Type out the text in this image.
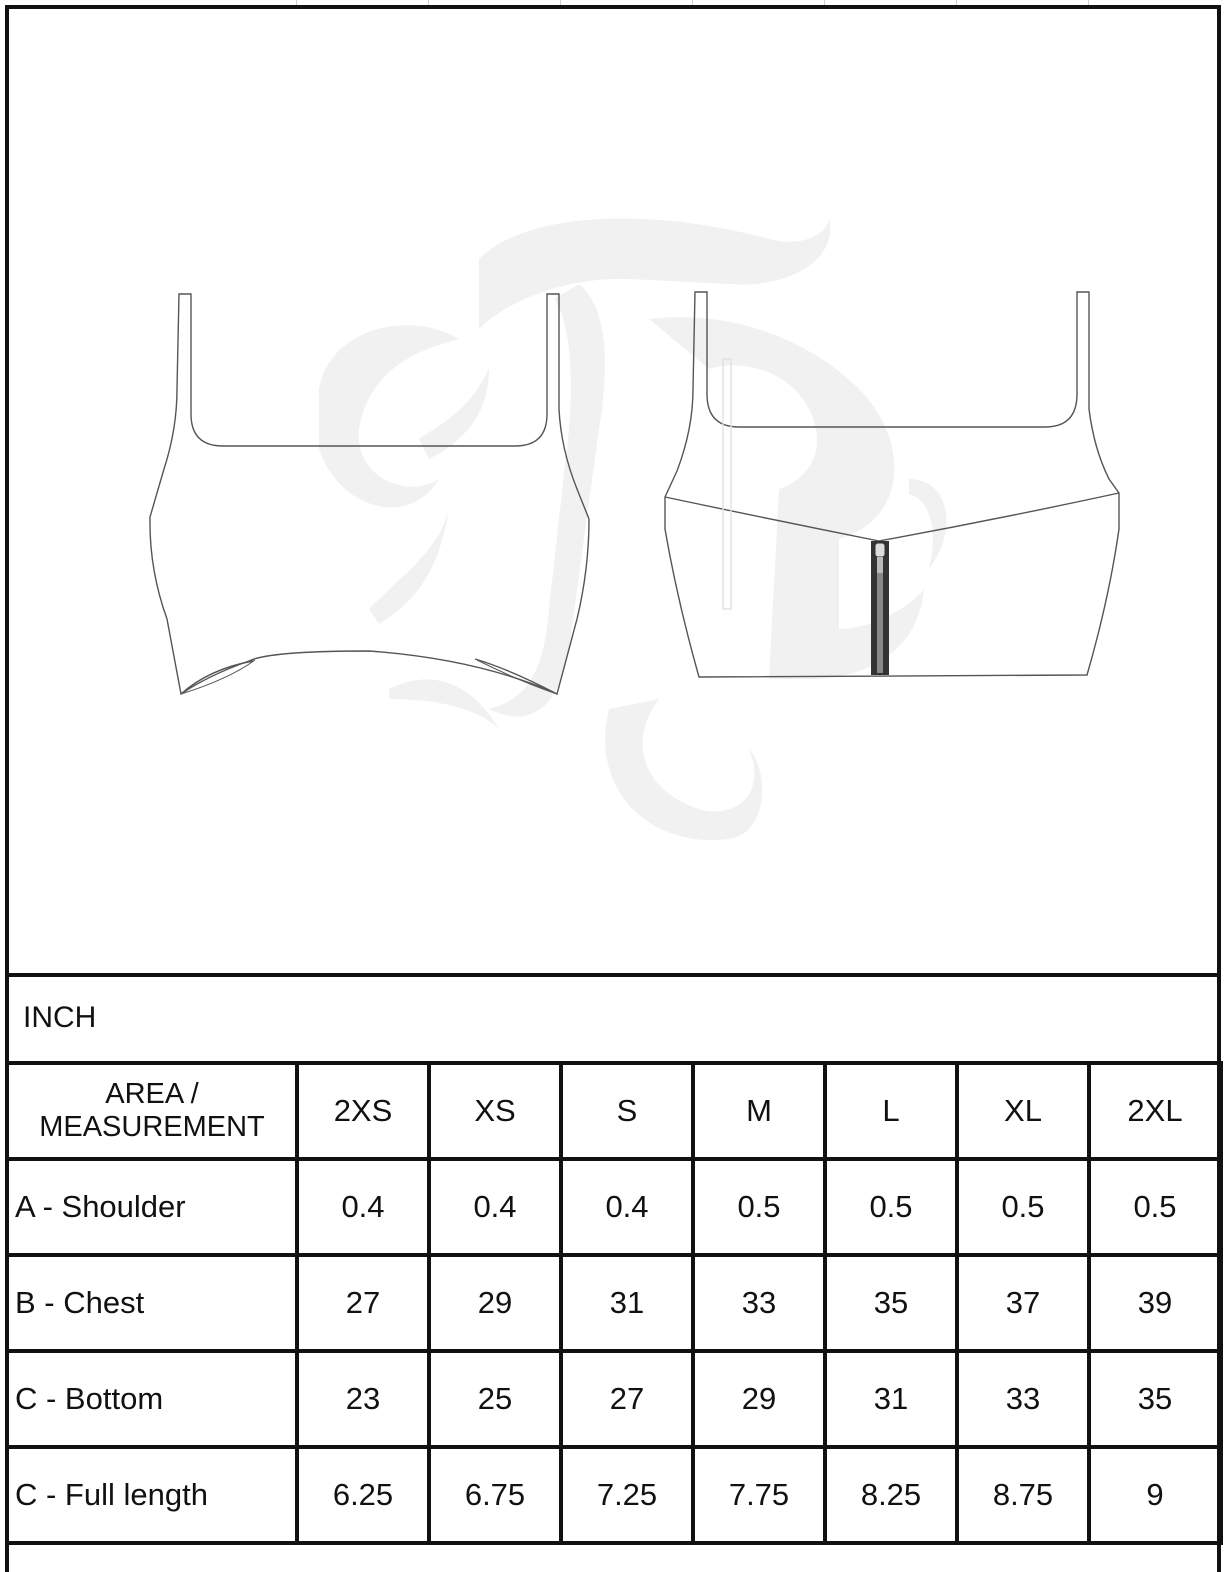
INCH
AREA /
MEASUREMENT	2XS	XS	S	M	L	XL	2XL
A - Shoulder	0.4	0.4	0.4	0.5	0.5	0.5	0.5
B - Chest	27	29	31	33	35	37	39
C - Bottom	23	25	27	29	31	33	35
C - Full length	6.25	6.75	7.25	7.75	8.25	8.75	9
